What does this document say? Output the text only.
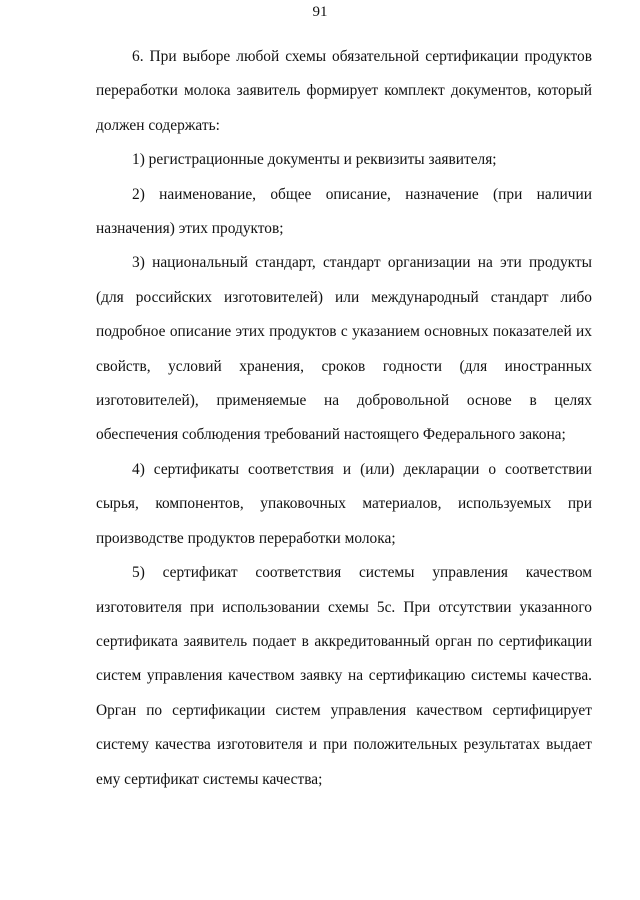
91

6. При выборе любой схемы обязательной сертификации продуктов переработки молока заявитель формирует комплект документов, который должен содержать:

1) регистрационные документы и реквизиты заявителя;

2) наименование, общее описание, назначение (при наличии назначения) этих продуктов;

3) национальный стандарт, стандарт организации на эти продукты (для российских изготовителей) или международный стандарт либо подробное описание этих продуктов с указанием основных показателей их свойств, условий хранения, сроков годности (для иностранных изготовителей), применяемые на добровольной основе в целях обеспечения соблюдения требований настоящего Федерального закона;

4) сертификаты соответствия и (или) декларации о соответствии сырья, компонентов, упаковочных материалов, используемых при производстве продуктов переработки молока;

5) сертификат соответствия системы управления качеством изготовителя при использовании схемы 5с. При отсутствии указанного сертификата заявитель подает в аккредитованный орган по сертификации систем управления качеством заявку на сертификацию системы качества. Орган по сертификации систем управления качеством сертифицирует систему качества изготовителя и при положительных результатах выдает ему сертификат системы качества;
